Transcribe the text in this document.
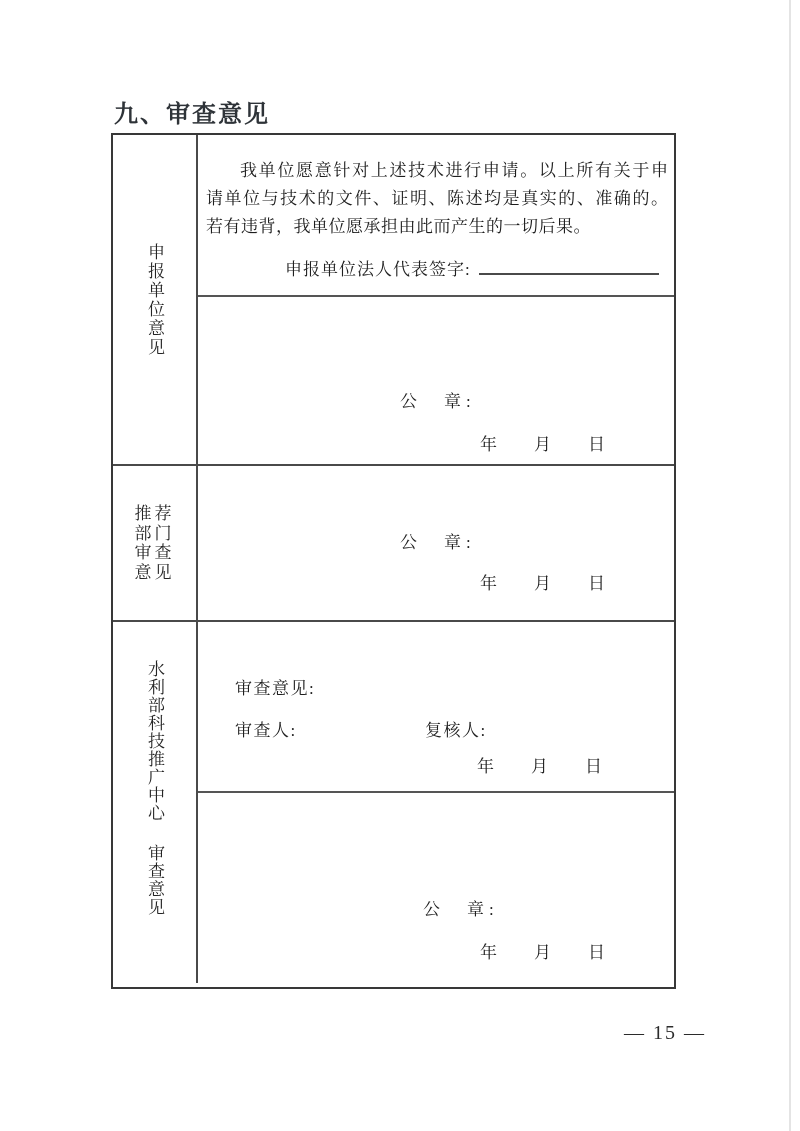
九、审查意见
申报单位意见
我单位愿意针对上述技术进行申请。以上所有关于申
请单位与技术的文件、证明、陈述均是真实的、准确的。
若有违背，我单位愿承担由此而产生的一切后果。
申报单位法人代表签字:
公　章:
年　月　日
推荐
部门
审查
意见
公　章:
年　月　日
水利部科技推广中心
审查意见
审查意见:
审查人:	复核人:
年　月　日
公　章:
年　月　日
— 15 —
